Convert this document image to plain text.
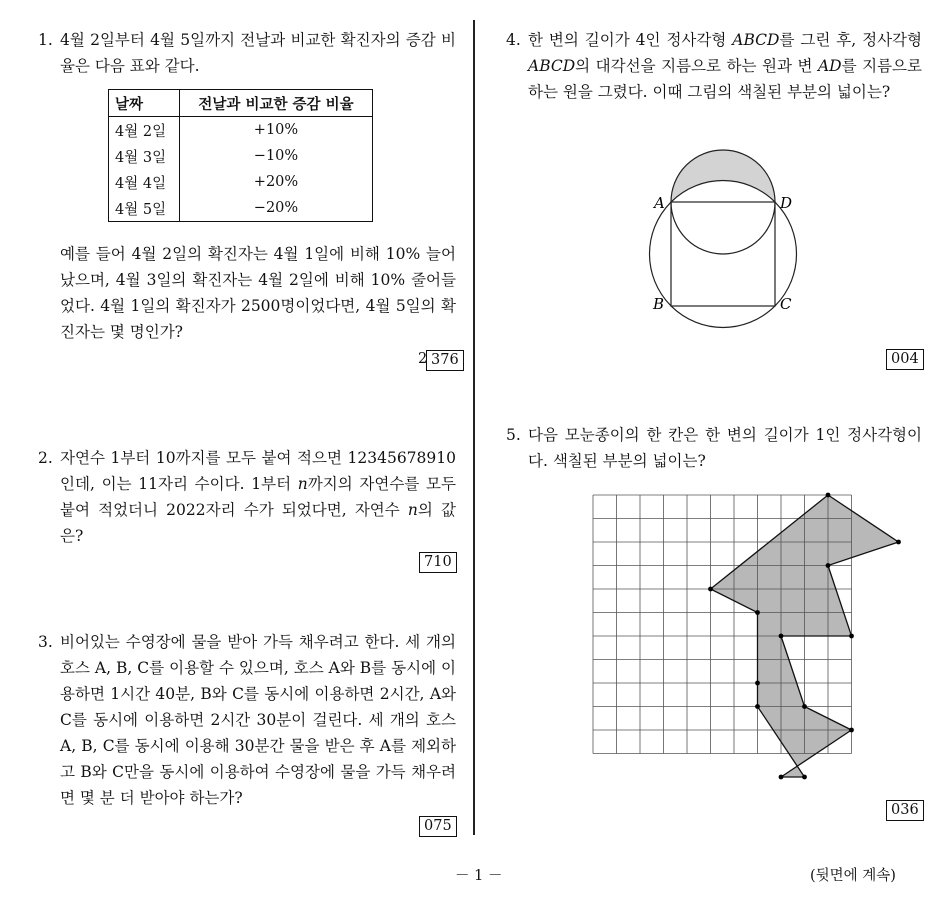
1. 4월 2일부터 4월 5일까지 전날과 비교한 확진자의 증감 비율은 다음 표와 같다.
날짜	전날과 비교한 증감 비율
4월 2일	+10%
4월 3일	−10%
4월 4일	+20%
4월 5일	−20%
예를 들어 4월 2일의 확진자는 4월 1일에 비해 10% 늘어났으며, 4월 3일의 확진자는 4월 2일에 비해 10% 줄어들었다. 4월 1일의 확진자가 2500명이었다면, 4월 5일의 확진자는 몇 명인가?
2 376
2. 자연수 1부터 10까지를 모두 붙여 적으면 12345678910인데, 이는 11자리 수이다. 1부터 n까지의 자연수를 모두 붙여 적었더니 2022자리 수가 되었다면, 자연수 n의 값은?
710
3. 비어있는 수영장에 물을 받아 가득 채우려고 한다. 세 개의 호스 A, B, C를 이용할 수 있으며, 호스 A와 B를 동시에 이용하면 1시간 40분, B와 C를 동시에 이용하면 2시간, A와 C를 동시에 이용하면 2시간 30분이 걸린다. 세 개의 호스 A, B, C를 동시에 이용해 30분간 물을 받은 후 A를 제외하고 B와 C만을 동시에 이용하여 수영장에 물을 가득 채우려면 몇 분 더 받아야 하는가?
075
4. 한 변의 길이가 4인 정사각형 ABCD를 그린 후, 정사각형 ABCD의 대각선을 지름으로 하는 원과 변 AD를 지름으로 하는 원을 그렸다. 이때 그림의 색칠된 부분의 넓이는?
A	D
B	C
004
5. 다음 모눈종이의 한 칸은 한 변의 길이가 1인 정사각형이다. 색칠된 부분의 넓이는?
036
－ 1 －	(뒷면에 계속)
